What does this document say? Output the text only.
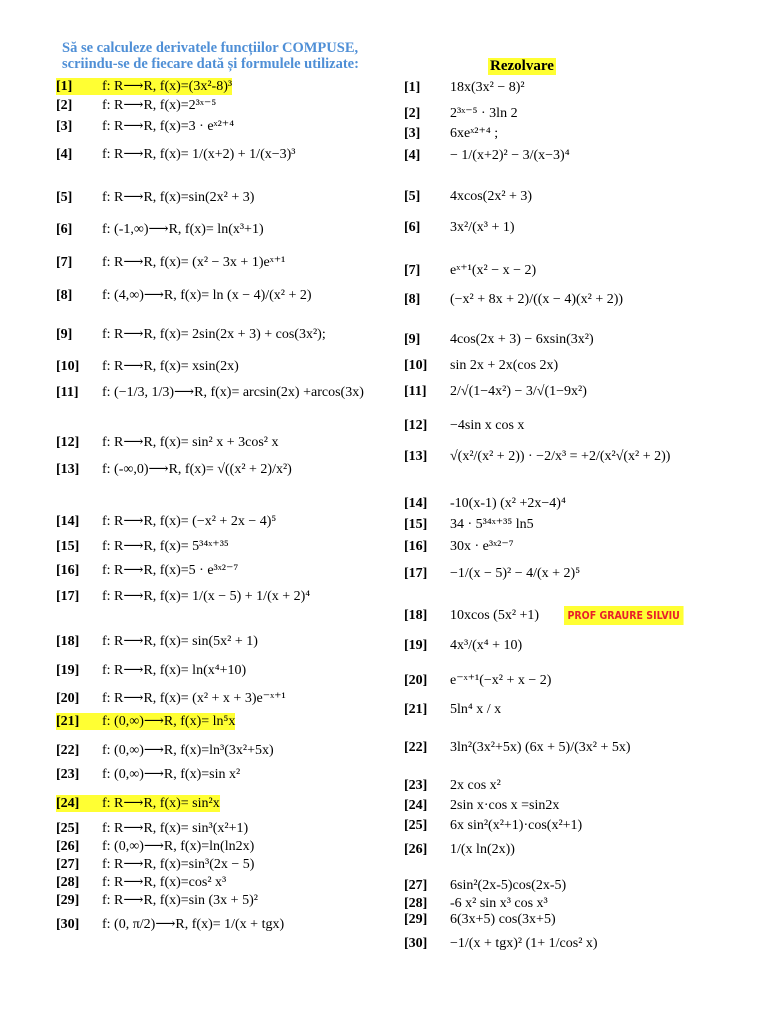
Să se calculeze derivatele funcțiilor COMPUSE, scriindu-se de fiecare dată și formulele utilizate:	Rezolvare
PROF GRAURE SILVIU
[1]	f: R⟶R, f(x)=(3x²-8)³
[2]	f: R⟶R, f(x)=2³ˣ⁻⁵
[3]	f: R⟶R, f(x)=3 · eˣ²⁺⁴
[4]	f: R⟶R, f(x)= 1/(x+2) + 1/(x−3)³
[5]	f: R⟶R, f(x)=sin(2x² + 3)
[6]	f: (-1,∞)⟶R, f(x)= ln(x³+1)
[7]	f: R⟶R, f(x)= (x² − 3x + 1)eˣ⁺¹
[8]	f: (4,∞)⟶R, f(x)= ln (x − 4)/(x² + 2)
[9]	f: R⟶R, f(x)= 2sin(2x + 3) + cos(3x²);
[10]	f: R⟶R, f(x)= xsin(2x)
[11]	f: (−1/3, 1/3)⟶R, f(x)= arcsin(2x) +arcos(3x)
[12]	f: R⟶R, f(x)= sin² x + 3cos² x
[13]	f: (-∞,0)⟶R, f(x)= √((x² + 2)/x²)
[14]	f: R⟶R, f(x)= (−x² + 2x − 4)⁵
[15]	f: R⟶R, f(x)= 5³⁴ˣ⁺³⁵
[16]	f: R⟶R, f(x)=5 · e³ˣ²⁻⁷
[17]	f: R⟶R, f(x)= 1/(x − 5) + 1/(x + 2)⁴
[18]	f: R⟶R, f(x)= sin(5x² + 1)
[19]	f: R⟶R, f(x)= ln(x⁴+10)
[20]	f: R⟶R, f(x)= (x² + x + 3)e⁻ˣ⁺¹
[21]	f: (0,∞)⟶R, f(x)= ln⁵x
[22]	f: (0,∞)⟶R, f(x)=ln³(3x²+5x)
[23]	f: (0,∞)⟶R, f(x)=sin x²
[24]	f: R⟶R, f(x)= sin²x
[25]	f: R⟶R, f(x)= sin³(x²+1)
[26]	f: (0,∞)⟶R, f(x)=ln(ln2x)
[27]	f: R⟶R, f(x)=sin³(2x − 5)
[28]	f: R⟶R, f(x)=cos² x³
[29]	f: R⟶R, f(x)=sin (3x + 5)²
[30]	f: (0, π/2)⟶R, f(x)= 1/(x + tgx)
[1]	18x(3x² − 8)²
[2]	2³ˣ⁻⁵ · 3ln 2
[3]	6xeˣ²⁺⁴ ;
[4]	− 1/(x+2)² − 3/(x−3)⁴
[5]	4xcos(2x² + 3)
[6]	3x²/(x³ + 1)
[7]	eˣ⁺¹(x² − x − 2)
[8]	(−x² + 8x + 2)/((x − 4)(x² + 2))
[9]	4cos(2x + 3) − 6xsin(3x²)
[10]	sin 2x + 2x(cos 2x)
[11]	2/√(1−4x²) − 3/√(1−9x²)
[12]	−4sin x cos x
[13]	√(x²/(x² + 2)) · −2/x³ = +2/(x²√(x² + 2))
[14]	-10(x-1) (x² +2x−4)⁴
[15]	34 · 5³⁴ˣ⁺³⁵ ln5
[16]	30x · e³ˣ²⁻⁷
[17]	−1/(x − 5)² − 4/(x + 2)⁵
[18]	10xcos (5x² +1)
[19]	4x³/(x⁴ + 10)
[20]	e⁻ˣ⁺¹(−x² + x − 2)
[21]	5ln⁴ x / x
[22]	3ln²(3x²+5x) (6x + 5)/(3x² + 5x)
[23]	2x cos x²
[24]	2sin x·cos x =sin2x
[25]	6x sin²(x²+1)·cos(x²+1)
[26]	1/(x ln(2x))
[27]	6sin²(2x-5)cos(2x-5)
[28]	-6 x² sin x³ cos x³
[29]	6(3x+5) cos(3x+5)
[30]	−1/(x + tgx)² (1+ 1/cos² x)
